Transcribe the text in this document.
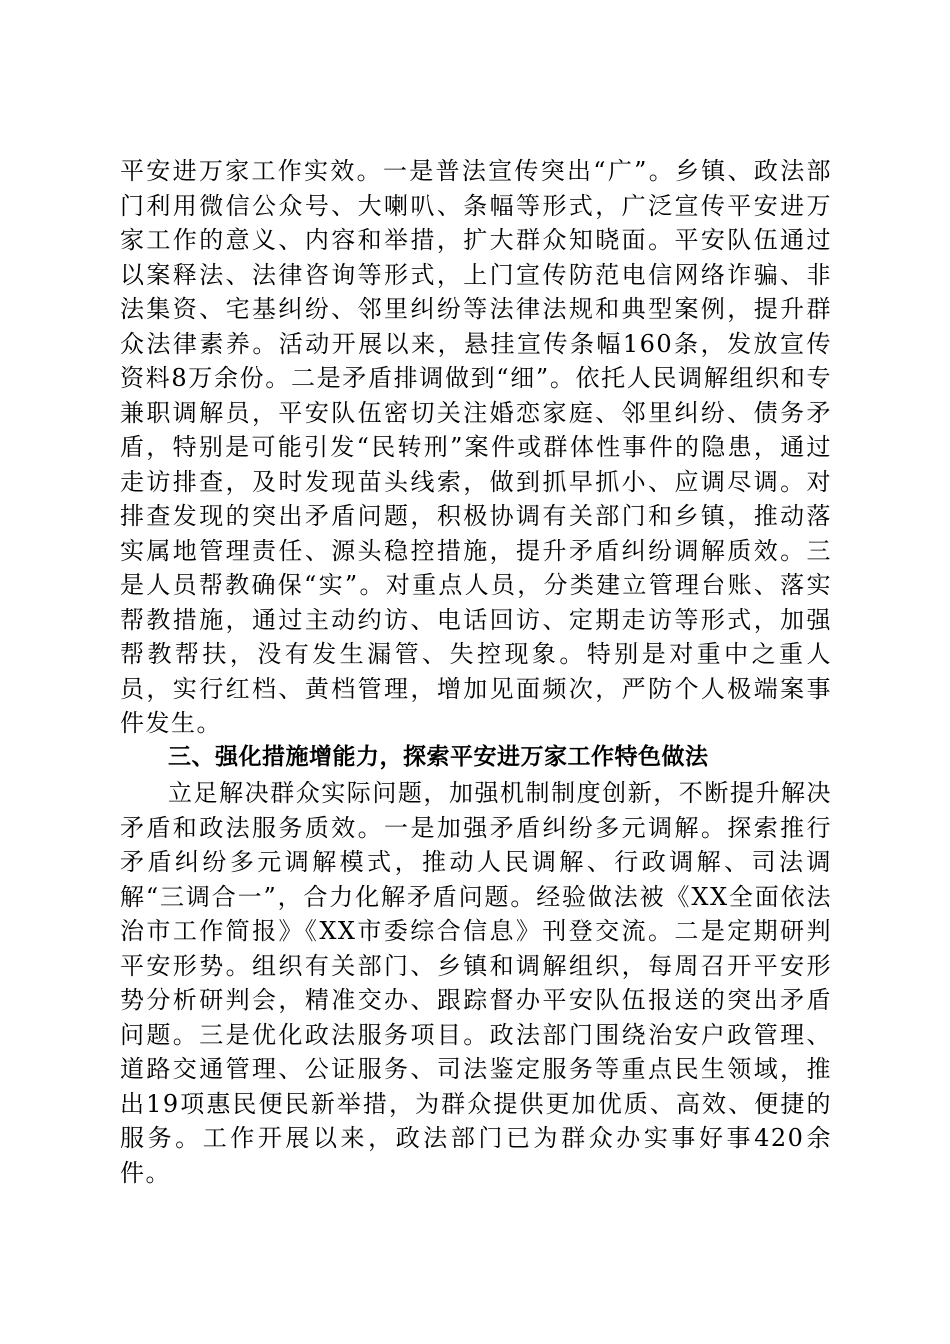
平安进万家工作实效。一是普法宣传突出“广”。乡镇、政法部门利用微信公众号、大喇叭、条幅等形式，广泛宣传平安进万家工作的意义、内容和举措，扩大群众知晓面。平安队伍通过以案释法、法律咨询等形式，上门宣传防范电信网络诈骗、非法集资、宅基纠纷、邻里纠纷等法律法规和典型案例，提升群众法律素养。活动开展以来，悬挂宣传条幅160条，发放宣传资料8万余份。二是矛盾排调做到“细”。依托人民调解组织和专兼职调解员，平安队伍密切关注婚恋家庭、邻里纠纷、债务矛盾，特别是可能引发“民转刑”案件或群体性事件的隐患，通过走访排查，及时发现苗头线索，做到抓早抓小、应调尽调。对排查发现的突出矛盾问题，积极协调有关部门和乡镇，推动落实属地管理责任、源头稳控措施，提升矛盾纠纷调解质效。三是人员帮教确保“实”。对重点人员，分类建立管理台账、落实帮教措施，通过主动约访、电话回访、定期走访等形式，加强帮教帮扶，没有发生漏管、失控现象。特别是对重中之重人员，实行红档、黄档管理，增加见面频次，严防个人极端案事件发生。

三、强化措施增能力，探索平安进万家工作特色做法

立足解决群众实际问题，加强机制制度创新，不断提升解决矛盾和政法服务质效。一是加强矛盾纠纷多元调解。探索推行矛盾纠纷多元调解模式，推动人民调解、行政调解、司法调解“三调合一”，合力化解矛盾问题。经验做法被《XX全面依法治市工作简报》《XX市委综合信息》刊登交流。二是定期研判平安形势。组织有关部门、乡镇和调解组织，每周召开平安形势分析研判会，精准交办、跟踪督办平安队伍报送的突出矛盾问题。三是优化政法服务项目。政法部门围绕治安户政管理、道路交通管理、公证服务、司法鉴定服务等重点民生领域，推出19项惠民便民新举措，为群众提供更加优质、高效、便捷的服务。工作开展以来，政法部门已为群众办实事好事420余件。
